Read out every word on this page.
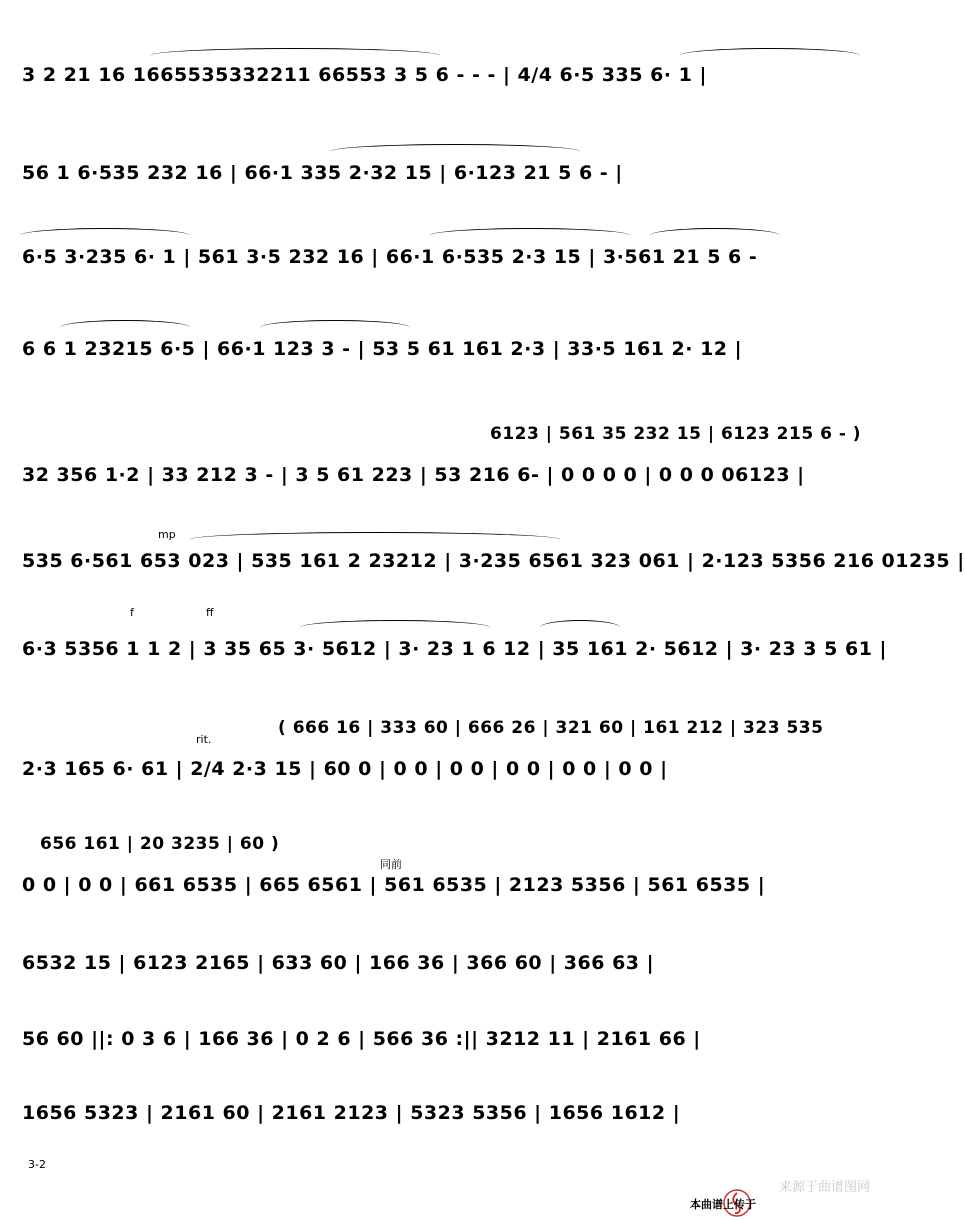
3 2 21 16 1665535332211 66553 3 5 6 - - - | 4/4 6·5 335 6· 1 |
56 1 6·535 232 16 | 66·1 335 2·32 15 | 6·123 21 5 6 - |
6·5 3·235 6· 1 | 561 3·5 232 16 | 66·1 6·535 2·3 15 | 3·561 21 5 6 -
6 6 1 23215 6·5 | 66·1 123 3 - | 53 5 61 161 2·3 | 33·5 161 2· 12 |
6123 | 561 35 232 15 | 6123 215 6 - )
32 356 1·2 | 33 212 3 - | 3 5 61 223 | 53 216 6- | 0 0 0 0 | 0 0 0 06123 |
mp
535 6·561 653 023 | 535 161 2 23212 | 3·235 6561 323 061 | 2·123 5356 216 01235 |
f	ff
6·3 5356 1 1 2 | 3 35 65 3· 5612 | 3· 23 1 6 12 | 35 161 2· 5612 | 3· 23 3 5 61 |
rit.
( 666 16 | 333 60 | 666 26 | 321 60 | 161 212 | 323 535
2·3 165 6· 61 | 2/4 2·3 15 | 60 0 | 0 0 | 0 0 | 0 0 | 0 0 | 0 0 |
656 161 | 20 3235 | 60 )
同前
0 0 | 0 0 | 661 6535 | 665 6561 | 561 6535 | 2123 5356 | 561 6535 |
6532 15 | 6123 2165 | 633 60 | 166 36 | 366 60 | 366 63 |
56 60 ||: 0 3 6 | 166 36 | 0 2 6 | 566 36 :|| 3212 11 | 2161 66 |
1656 5323 | 2161 60 | 2161 2123 | 5323 5356 | 1656 1612 |
3-2
本曲谱上传于
来源于曲谱图网
